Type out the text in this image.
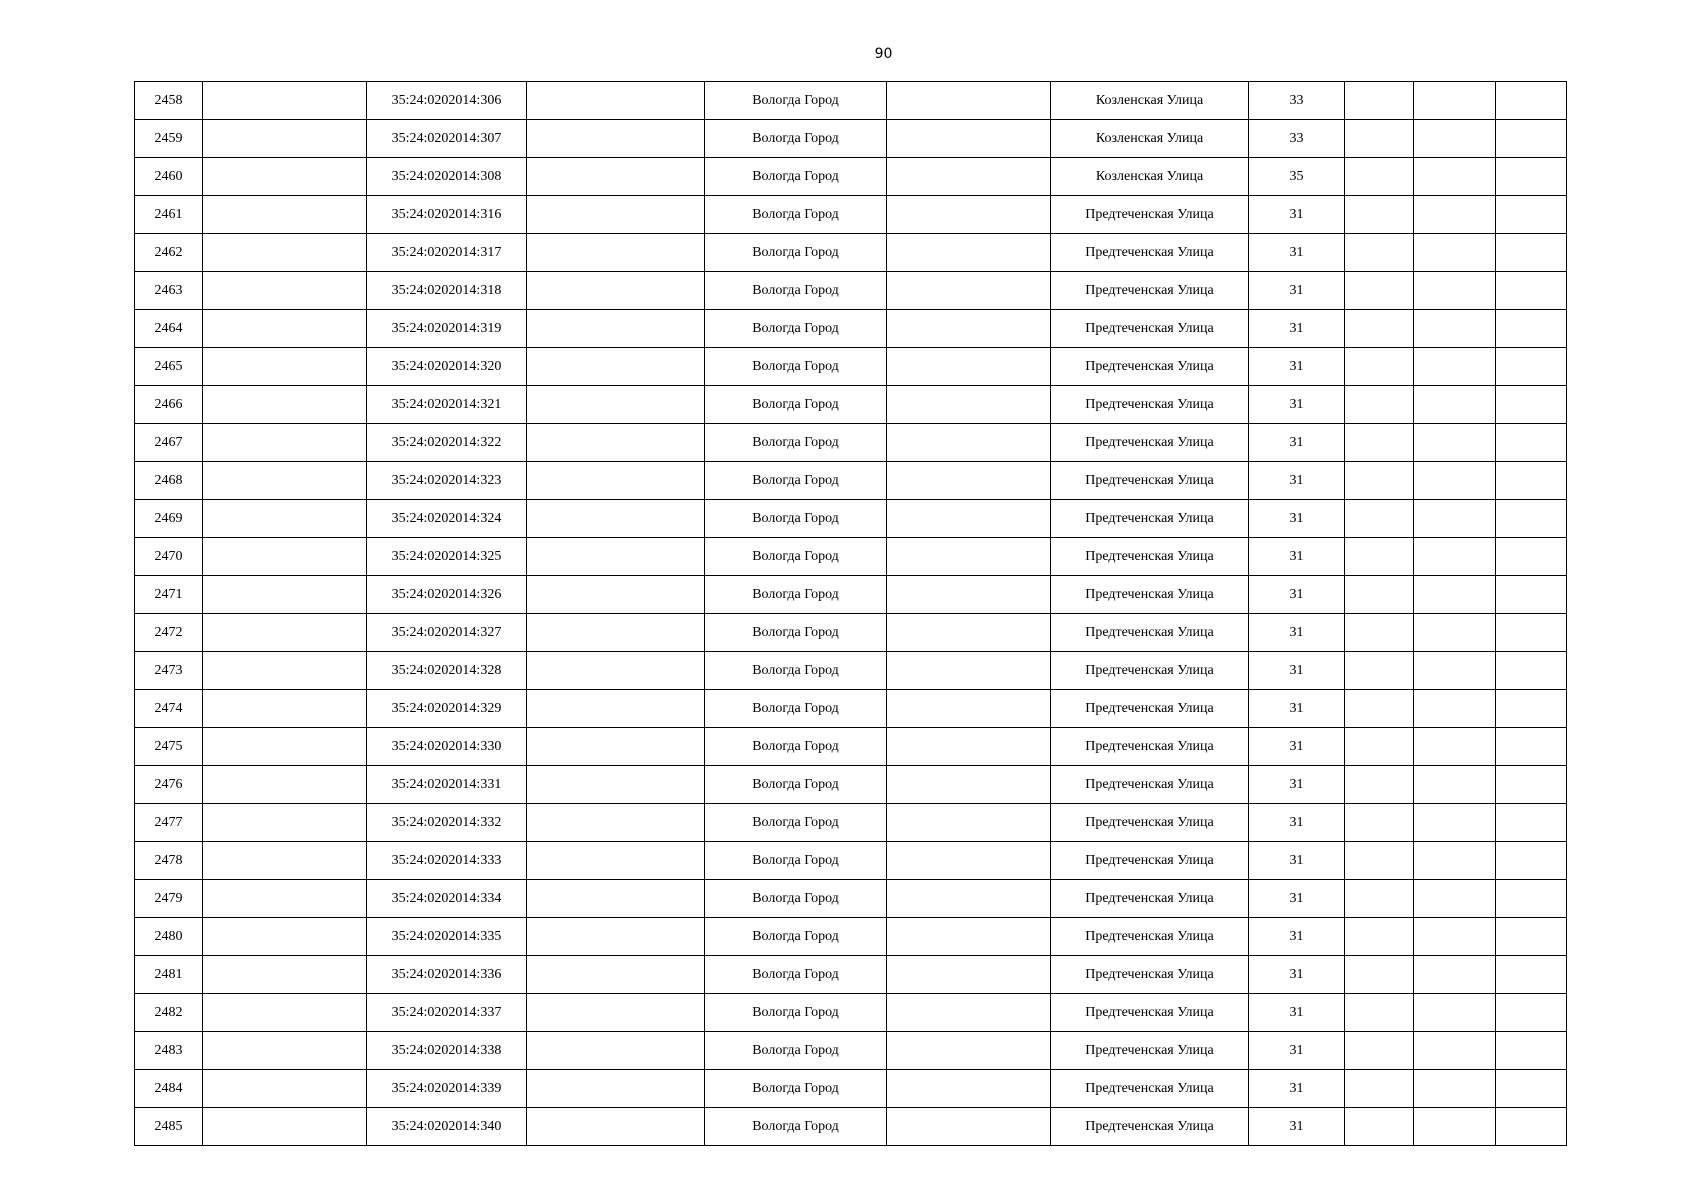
90
2458		35:24:0202014:306		Вологда Город		Козленская Улица	33			
2459		35:24:0202014:307		Вологда Город		Козленская Улица	33			
2460		35:24:0202014:308		Вологда Город		Козленская Улица	35			
2461		35:24:0202014:316		Вологда Город		Предтеченская Улица	31			
2462		35:24:0202014:317		Вологда Город		Предтеченская Улица	31			
2463		35:24:0202014:318		Вологда Город		Предтеченская Улица	31			
2464		35:24:0202014:319		Вологда Город		Предтеченская Улица	31			
2465		35:24:0202014:320		Вологда Город		Предтеченская Улица	31			
2466		35:24:0202014:321		Вологда Город		Предтеченская Улица	31			
2467		35:24:0202014:322		Вологда Город		Предтеченская Улица	31			
2468		35:24:0202014:323		Вологда Город		Предтеченская Улица	31			
2469		35:24:0202014:324		Вологда Город		Предтеченская Улица	31			
2470		35:24:0202014:325		Вологда Город		Предтеченская Улица	31			
2471		35:24:0202014:326		Вологда Город		Предтеченская Улица	31			
2472		35:24:0202014:327		Вологда Город		Предтеченская Улица	31			
2473		35:24:0202014:328		Вологда Город		Предтеченская Улица	31			
2474		35:24:0202014:329		Вологда Город		Предтеченская Улица	31			
2475		35:24:0202014:330		Вологда Город		Предтеченская Улица	31			
2476		35:24:0202014:331		Вологда Город		Предтеченская Улица	31			
2477		35:24:0202014:332		Вологда Город		Предтеченская Улица	31			
2478		35:24:0202014:333		Вологда Город		Предтеченская Улица	31			
2479		35:24:0202014:334		Вологда Город		Предтеченская Улица	31			
2480		35:24:0202014:335		Вологда Город		Предтеченская Улица	31			
2481		35:24:0202014:336		Вологда Город		Предтеченская Улица	31			
2482		35:24:0202014:337		Вологда Город		Предтеченская Улица	31			
2483		35:24:0202014:338		Вологда Город		Предтеченская Улица	31			
2484		35:24:0202014:339		Вологда Город		Предтеченская Улица	31			
2485		35:24:0202014:340		Вологда Город		Предтеченская Улица	31			
